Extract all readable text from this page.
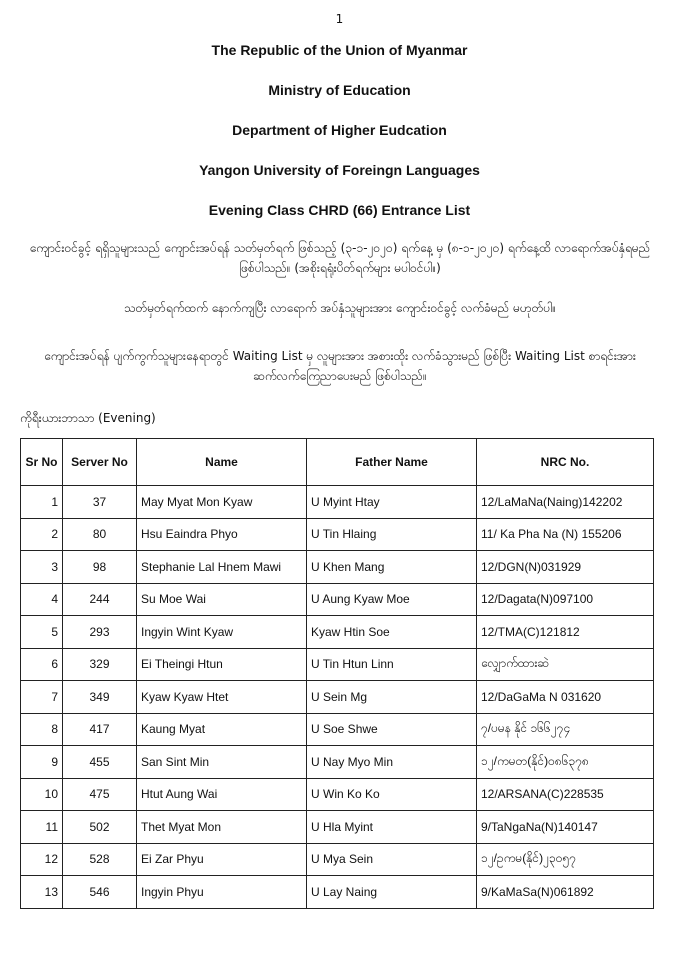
1
The Republic of the Union of Myanmar
Ministry of Education
Department of Higher Eudcation
Yangon University of Foreingn Languages
Evening Class CHRD (66) Entrance List
ကျောင်းဝင်ခွင့် ရရှိသူများသည် ကျောင်းအပ်ရန် သတ်မှတ်ရက် ဖြစ်သည့် (၃-၁-၂၀၂၀) ရက်နေ့ မှ (၈-၁-၂၀၂၀) ရက်နေ့ထိ လာရောက်အပ်နှံရမည် ဖြစ်ပါသည်။ (အစိုးရရုံးပိတ်ရက်များ မပါဝင်ပါ။)
သတ်မှတ်ရက်ထက် နောက်ကျပြီး လာရောက် အပ်နှံသူများအား ကျောင်းဝင်ခွင့် လက်ခံမည် မဟုတ်ပါ။
ကျောင်းအပ်ရန် ပျက်ကွက်သူများနေရာတွင် Waiting List မှ လူများအား အစားထိုး လက်ခံသွားမည် ဖြစ်ပြီး Waiting List စာရင်းအား ဆက်လက်ကြေညာပေးမည် ဖြစ်ပါသည်။
ကိုရီးယားဘာသာ (Evening)
Sr No	Server No	Name	Father Name	NRC No.
1	37	May Myat Mon Kyaw	U Myint Htay	12/LaMaNa(Naing)142202
2	80	Hsu Eaindra Phyo	U Tin Hlaing	11/ Ka Pha Na (N) 155206
3	98	Stephanie Lal Hnem Mawi	U Khen Mang	12/DGN(N)031929
4	244	Su Moe Wai	U Aung Kyaw Moe	12/Dagata(N)097100
5	293	Ingyin Wint Kyaw	Kyaw Htin Soe	12/TMA(C)121812
6	329	Ei Theingi Htun	U Tin Htun Linn	လျှောက်ထားဆဲ
7	349	Kyaw Kyaw Htet	U Sein Mg	12/DaGaMa N 031620
8	417	Kaung Myat	U Soe Shwe	၇/ပမန နိုင် ၁၆၆၂၇၄
9	455	San Sint Min	U Nay Myo Min	၁၂/ကမတ(နိုင်)၀၈၆၃၇၈
10	475	Htut Aung Wai	U Win Ko Ko	12/ARSANA(C)228535
11	502	Thet Myat Mon	U Hla Myint	9/TaNgaNa(N)140147
12	528	Ei Zar Phyu	U Mya Sein	၁၂/ဥကမ(နိုင်)၂၃၀၅၇
13	546	Ingyin Phyu	U Lay Naing	9/KaMaSa(N)061892
